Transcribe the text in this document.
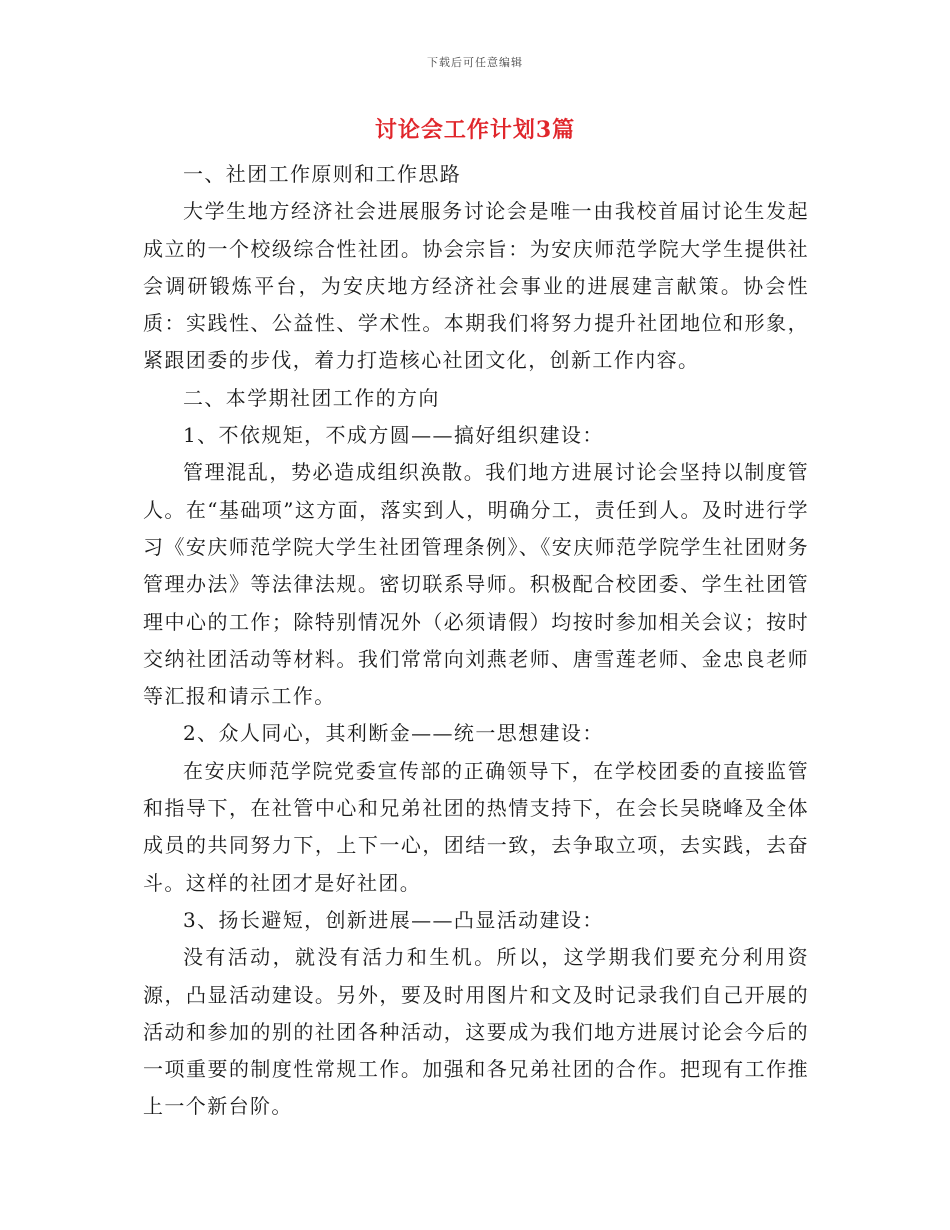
下载后可任意编辑
讨论会工作计划3篇

一、社团工作原则和工作思路

大学生地方经济社会进展服务讨论会是唯一由我校首届讨论生发起成立的一个校级综合性社团。协会宗旨：为安庆师范学院大学生提供社会调研锻炼平台，为安庆地方经济社会事业的进展建言献策。协会性质：实践性、公益性、学术性。本期我们将努力提升社团地位和形象，紧跟团委的步伐，着力打造核心社团文化，创新工作内容。

二、本学期社团工作的方向

1、不依规矩，不成方圆——搞好组织建设：

管理混乱，势必造成组织涣散。我们地方进展讨论会坚持以制度管人。在“基础项”这方面，落实到人，明确分工，责任到人。及时进行学习《安庆师范学院大学生社团管理条例》、《安庆师范学院学生社团财务管理办法》等法律法规。密切联系导师。积极配合校团委、学生社团管理中心的工作；除特别情况外（必须请假）均按时参加相关会议；按时交纳社团活动等材料。我们常常向刘燕老师、唐雪莲老师、金忠良老师等汇报和请示工作。

2、众人同心，其利断金——统一思想建设：

在安庆师范学院党委宣传部的正确领导下，在学校团委的直接监管和指导下，在社管中心和兄弟社团的热情支持下，在会长吴晓峰及全体成员的共同努力下，上下一心，团结一致，去争取立项，去实践，去奋斗。这样的社团才是好社团。

3、扬长避短，创新进展——凸显活动建设：

没有活动，就没有活力和生机。所以，这学期我们要充分利用资源，凸显活动建设。另外，要及时用图片和文及时记录我们自己开展的活动和参加的别的社团各种活动，这要成为我们地方进展讨论会今后的一项重要的制度性常规工作。加强和各兄弟社团的合作。把现有工作推上一个新台阶。
